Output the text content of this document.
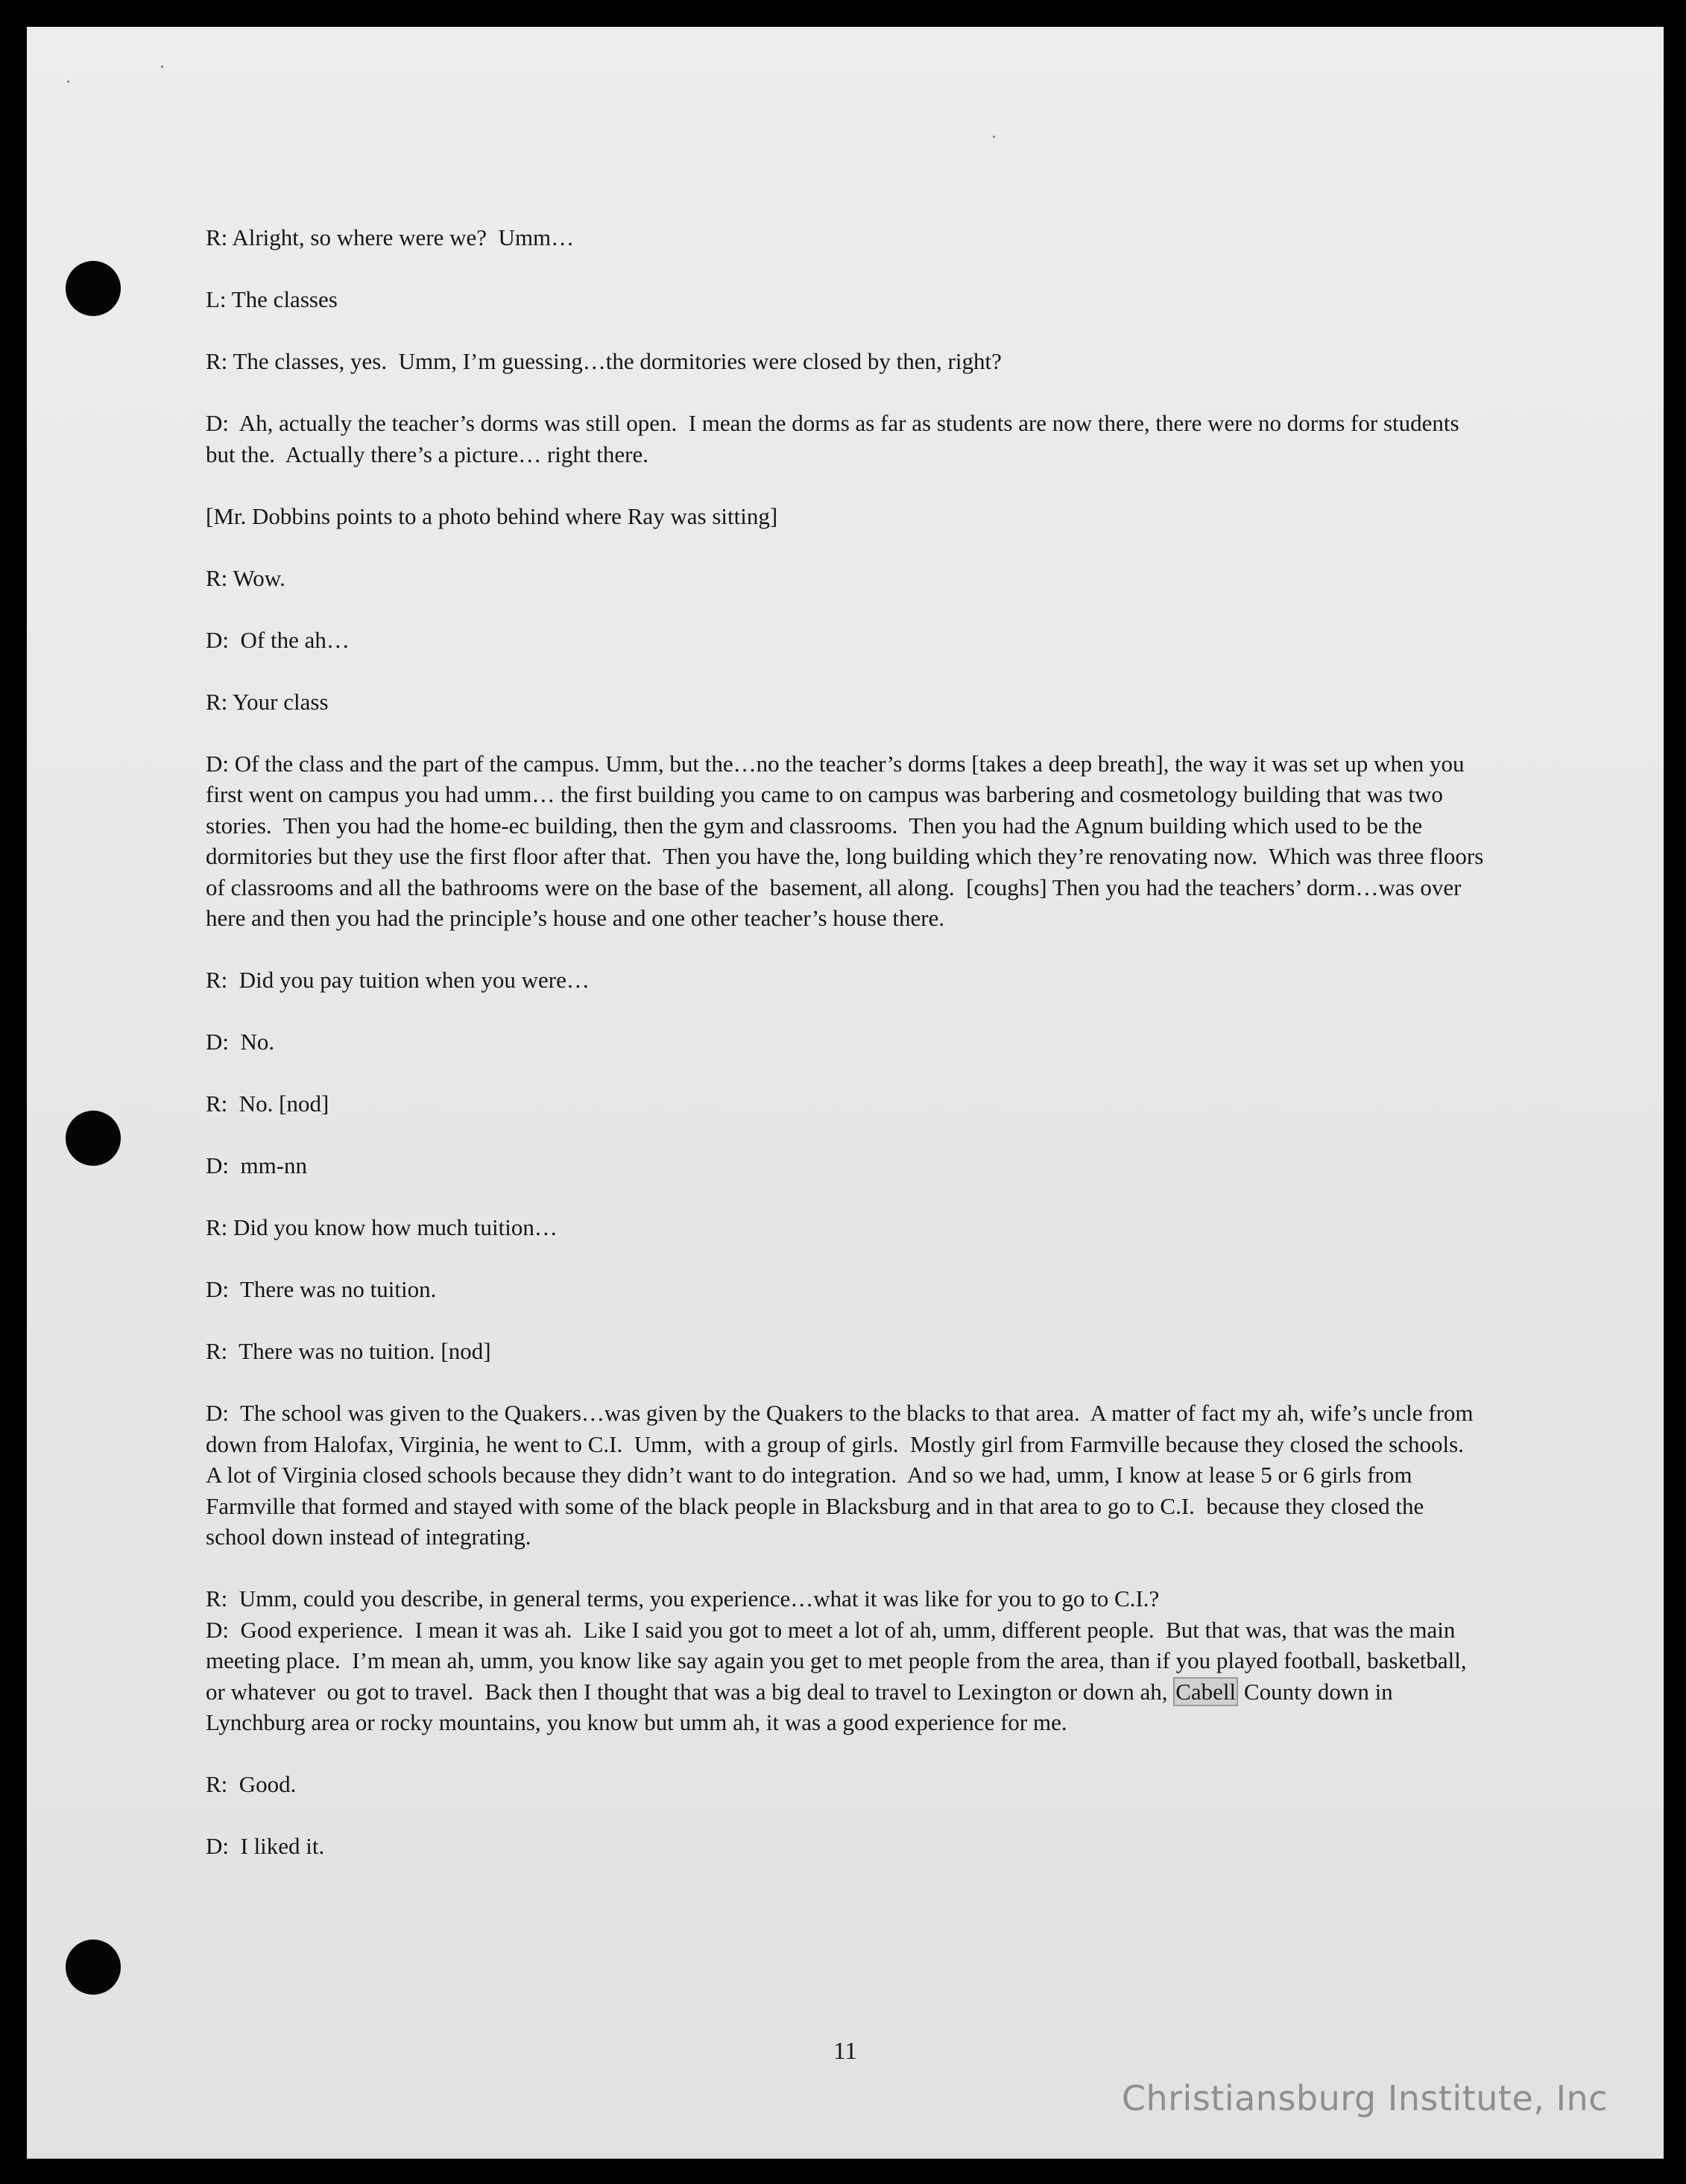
R: Alright, so where were we?  Umm…

L: The classes

R: The classes, yes.  Umm, I’m guessing…the dormitories were closed by then, right?

D:  Ah, actually the teacher’s dorms was still open.  I mean the dorms as far as students are now there, there were no dorms for students but the.  Actually there’s a picture… right there.

[Mr. Dobbins points to a photo behind where Ray was sitting]

R: Wow.

D:  Of the ah…

R: Your class

D: Of the class and the part of the campus. Umm, but the…no the teacher’s dorms [takes a deep breath], the way it was set up when you first went on campus you had umm… the first building you came to on campus was barbering and cosmetology building that was two stories.  Then you had the home-ec building, then the gym and classrooms.  Then you had the Agnum building which used to be the dormitories but they use the first floor after that.  Then you have the, long building which they’re renovating now.  Which was three floors of classrooms and all the bathrooms were on the base of the  basement, all along.  [coughs] Then you had the teachers’ dorm…was over here and then you had the principle’s house and one other teacher’s house there.

R:  Did you pay tuition when you were…

D:  No.

R:  No. [nod]

D:  mm-nn

R: Did you know how much tuition…

D:  There was no tuition.

R:  There was no tuition. [nod]

D:  The school was given to the Quakers…was given by the Quakers to the blacks to that area.  A matter of fact my ah, wife’s uncle from down from Halofax, Virginia, he went to C.I.  Umm,  with a group of girls.  Mostly girl from Farmville because they closed the schools.  A lot of Virginia closed schools because they didn’t want to do integration.  And so we had, umm, I know at lease 5 or 6 girls from Farmville that formed and stayed with some of the black people in Blacksburg and in that area to go to C.I.  because they closed the school down instead of integrating.

R:  Umm, could you describe, in general terms, you experience…what it was like for you to go to C.I.?

D:  Good experience.  I mean it was ah.  Like I said you got to meet a lot of ah, umm, different people.  But that was, that was the main meeting place.  I’m mean ah, umm, you know like say again you get to met people from the area, than if you played football, basketball, or whatever  ou got to travel.  Back then I thought that was a big deal to travel to Lexington or down ah, Cabell County down in Lynchburg area or rocky mountains, you know but umm ah, it was a good experience for me.

R:  Good.

D:  I liked it.

11
Christiansburg Institute, Inc
